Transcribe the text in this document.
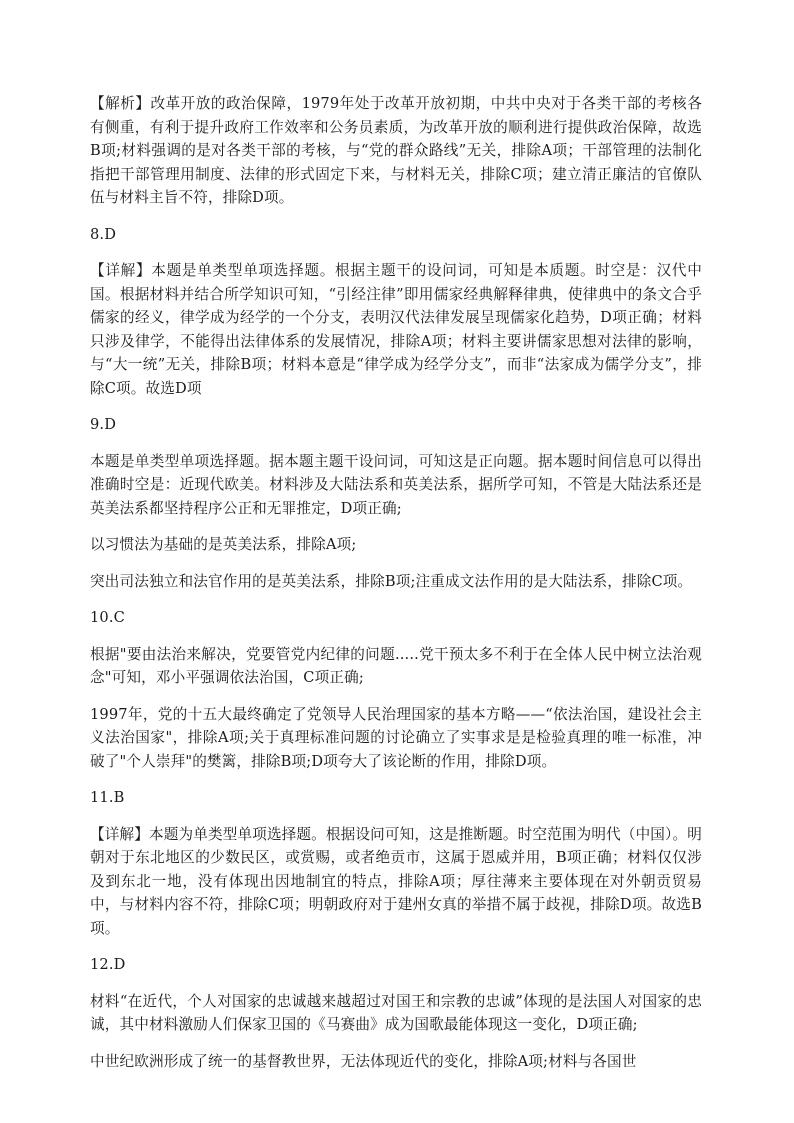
【解析】改革开放的政治保障，1979年处于改革开放初期，中共中央对于各类干部的考核各有侧重，有利于提升政府工作效率和公务员素质，为改革开放的顺利进行提供政治保障，故选B项;材料强调的是对各类干部的考核，与“党的群众路线”无关，排除A项；干部管理的法制化指把干部管理用制度、法律的形式固定下来，与材料无关，排除C项；建立清正廉洁的官僚队伍与材料主旨不符，排除D项。

8.D

【详解】本题是单类型单项选择题。根据主题干的设问词，可知是本质题。时空是：汉代中国。根据材料并结合所学知识可知，“引经注律”即用儒家经典解释律典，使律典中的条文合乎儒家的经义，律学成为经学的一个分支，表明汉代法律发展呈现儒家化趋势，D项正确；材料只涉及律学，不能得出法律体系的发展情况，排除A项；材料主要讲儒家思想对法律的影响，与“大一统”无关，排除B项；材料本意是“律学成为经学分支”，而非“法家成为儒学分支”，排除C项。故选D项

9.D

本题是单类型单项选择题。据本题主题干设问词，可知这是正向题。据本题时间信息可以得出准确时空是：近现代欧美。材料涉及大陆法系和英美法系，据所学可知，不管是大陆法系还是英美法系都坚持程序公正和无罪推定，D项正确;

以习惯法为基础的是英美法系，排除A项;

突出司法独立和法官作用的是英美法系，排除B项;注重成文法作用的是大陆法系，排除C项。

10.C

根据"要由法治来解决，党要管党内纪律的问题.....党干预太多不利于在全体人民中树立法治观念"可知，邓小平强调依法治国，C项正确;

1997年，党的十五大最终确定了党领导人民治理国家的基本方略——“依法治国，建设社会主义法治国家"，排除A项;关于真理标准问题的讨论确立了实事求是是检验真理的唯一标准，冲破了"个人崇拜"的樊篱，排除B项;D项夸大了该论断的作用，排除D项。

11.B

【详解】本题为单类型单项选择题。根据设问可知，这是推断题。时空范围为明代（中国）。明朝对于东北地区的少数民区，或赏赐，或者绝贡市，这属于恩威并用，B项正确；材料仅仅涉及到东北一地，没有体现出因地制宜的特点，排除A项；厚往薄来主要体现在对外朝贡贸易中，与材料内容不符，排除C项；明朝政府对于建州女真的举措不属于歧视，排除D项。故选B项。

12.D

材料“在近代，个人对国家的忠诚越来越超过对国王和宗教的忠诚”体现的是法国人对国家的忠诚，其中材料激励人们保家卫国的《马赛曲》成为国歌最能体现这一变化，D项正确;

中世纪欧洲形成了统一的基督教世界，无法体现近代的变化，排除A项;材料与各国世
